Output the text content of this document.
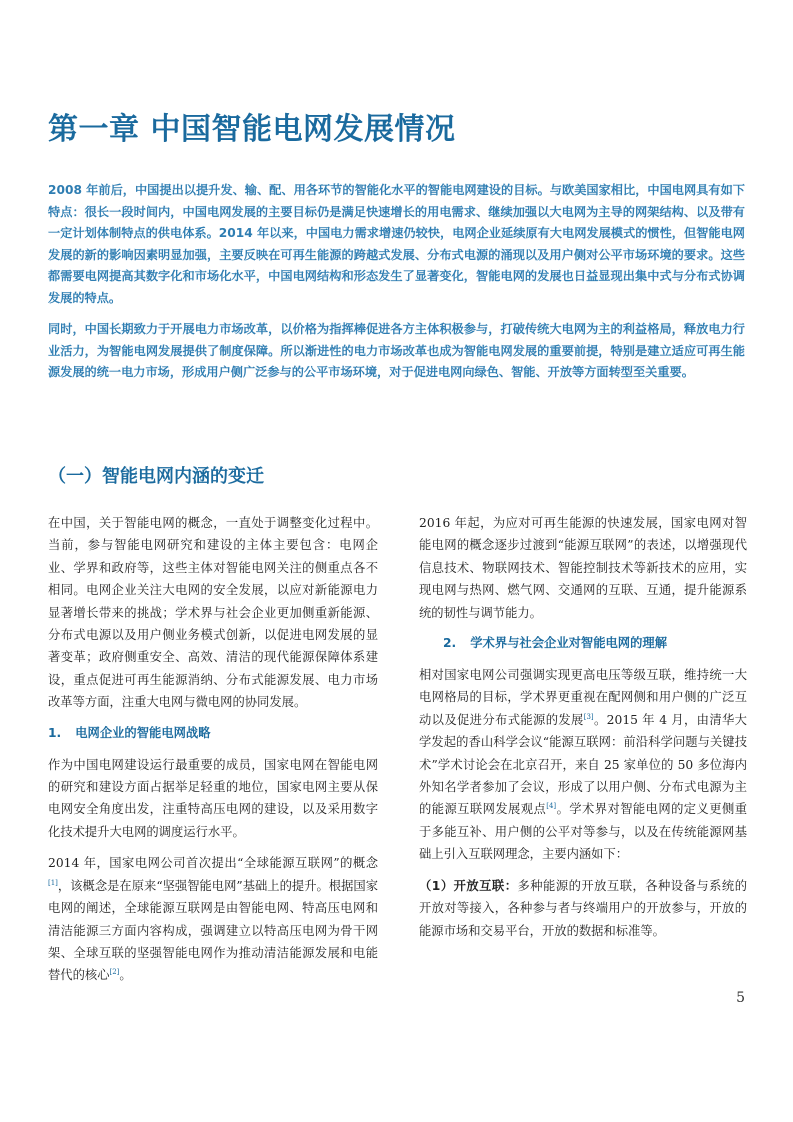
第一章 中国智能电网发展情况

2008 年前后，中国提出以提升发、输、配、用各环节的智能化水平的智能电网建设的目标。与欧美国家相比，中国电网具有如下特点：很长一段时间内，中国电网发展的主要目标仍是满足快速增长的用电需求、继续加强以大电网为主导的网架结构、以及带有一定计划体制特点的供电体系。2014 年以来，中国电力需求增速仍较快，电网企业延续原有大电网发展模式的惯性，但智能电网发展的新的影响因素明显加强，主要反映在可再生能源的跨越式发展、分布式电源的涌现以及用户侧对公平市场环境的要求。这些都需要电网提高其数字化和市场化水平，中国电网结构和形态发生了显著变化，智能电网的发展也日益显现出集中式与分布式协调发展的特点。

同时，中国长期致力于开展电力市场改革，以价格为指挥棒促进各方主体积极参与，打破传统大电网为主的利益格局，释放电力行业活力，为智能电网发展提供了制度保障。所以渐进性的电力市场改革也成为智能电网发展的重要前提，特别是建立适应可再生能源发展的统一电力市场，形成用户侧广泛参与的公平市场环境，对于促进电网向绿色、智能、开放等方面转型至关重要。

（一）智能电网内涵的变迁

在中国，关于智能电网的概念，一直处于调整变化过程中。当前，参与智能电网研究和建设的主体主要包含：电网企业、学界和政府等，这些主体对智能电网关注的侧重点各不相同。电网企业关注大电网的安全发展，以应对新能源电力显著增长带来的挑战；学术界与社会企业更加侧重新能源、分布式电源以及用户侧业务模式创新，以促进电网发展的显著变革；政府侧重安全、高效、清洁的现代能源保障体系建设，重点促进可再生能源消纳、分布式能源发展、电力市场改革等方面，注重大电网与微电网的协同发展。

1. 电网企业的智能电网战略

作为中国电网建设运行最重要的成员，国家电网在智能电网的研究和建设方面占据举足轻重的地位，国家电网主要从保电网安全角度出发，注重特高压电网的建设，以及采用数字化技术提升大电网的调度运行水平。

2014 年，国家电网公司首次提出“全球能源互联网”的概念[1]，该概念是在原来“坚强智能电网”基础上的提升。根据国家电网的阐述，全球能源互联网是由智能电网、特高压电网和清洁能源三方面内容构成，强调建立以特高压电网为骨干网架、全球互联的坚强智能电网作为推动清洁能源发展和电能替代的核心[2]。

2016 年起，为应对可再生能源的快速发展，国家电网对智能电网的概念逐步过渡到“能源互联网”的表述，以增强现代信息技术、物联网技术、智能控制技术等新技术的应用，实现电网与热网、燃气网、交通网的互联、互通，提升能源系统的韧性与调节能力。

2. 学术界与社会企业对智能电网的理解

相对国家电网公司强调实现更高电压等级互联，维持统一大电网格局的目标，学术界更重视在配网侧和用户侧的广泛互动以及促进分布式能源的发展[3]。2015 年 4 月，由清华大学发起的香山科学会议“能源互联网：前沿科学问题与关键技术”学术讨论会在北京召开，来自 25 家单位的 50 多位海内外知名学者参加了会议，形成了以用户侧、分布式电源为主的能源互联网发展观点[4]。学术界对智能电网的定义更侧重于多能互补、用户侧的公平对等参与，以及在传统能源网基础上引入互联网理念，主要内涵如下：

（1）开放互联：多种能源的开放互联，各种设备与系统的开放对等接入，各种参与者与终端用户的开放参与，开放的能源市场和交易平台，开放的数据和标准等。

5
